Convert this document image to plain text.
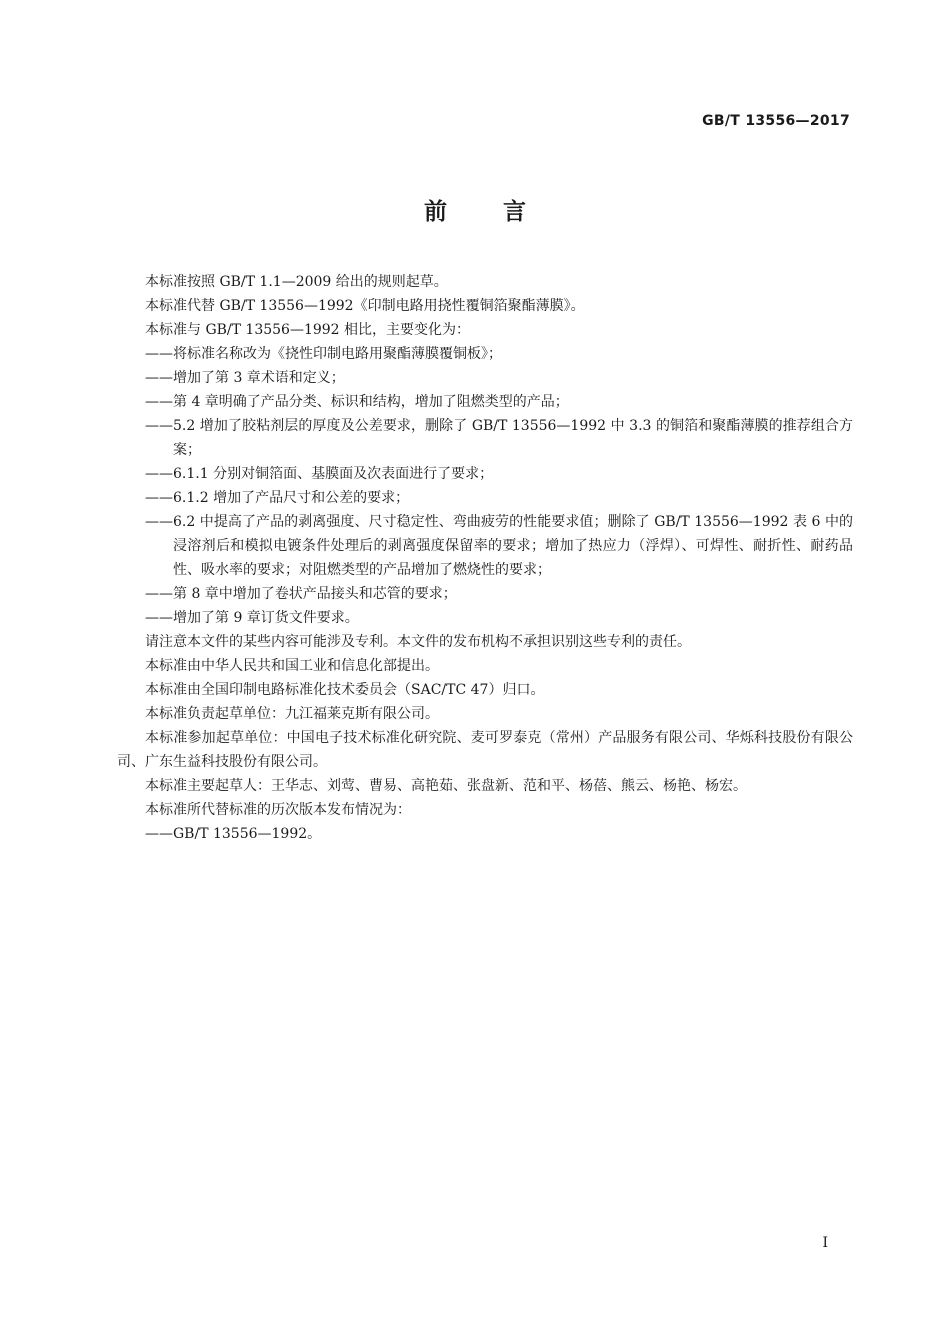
GB/T 13556—2017
前言

本标准按照 GB/T 1.1—2009 给出的规则起草。

本标准代替 GB/T 13556—1992《印制电路用挠性覆铜箔聚酯薄膜》。

本标准与 GB/T 13556—1992 相比，主要变化为：

——将标准名称改为《挠性印制电路用聚酯薄膜覆铜板》；

——增加了第 3 章术语和定义；

——第 4 章明确了产品分类、标识和结构，增加了阻燃类型的产品；

——5.2 增加了胶粘剂层的厚度及公差要求，删除了 GB/T 13556—1992 中 3.3 的铜箔和聚酯薄膜的推荐组合方案；

——6.1.1 分别对铜箔面、基膜面及次表面进行了要求；

——6.1.2 增加了产品尺寸和公差的要求；

——6.2 中提高了产品的剥离强度、尺寸稳定性、弯曲疲劳的性能要求值；删除了 GB/T 13556—1992 表 6 中的浸溶剂后和模拟电镀条件处理后的剥离强度保留率的要求；增加了热应力（浮焊）、可焊性、耐折性、耐药品性、吸水率的要求；对阻燃类型的产品增加了燃烧性的要求；

——第 8 章中增加了卷状产品接头和芯管的要求；

——增加了第 9 章订货文件要求。

请注意本文件的某些内容可能涉及专利。本文件的发布机构不承担识别这些专利的责任。

本标准由中华人民共和国工业和信息化部提出。

本标准由全国印制电路标准化技术委员会（SAC/TC 47）归口。

本标准负责起草单位：九江福莱克斯有限公司。

本标准参加起草单位：中国电子技术标准化研究院、麦可罗泰克（常州）产品服务有限公司、华烁科技股份有限公司、广东生益科技股份有限公司。

本标准主要起草人：王华志、刘莺、曹易、高艳茹、张盘新、范和平、杨蓓、熊云、杨艳、杨宏。

本标准所代替标准的历次版本发布情况为：

——GB/T 13556—1992。

I
